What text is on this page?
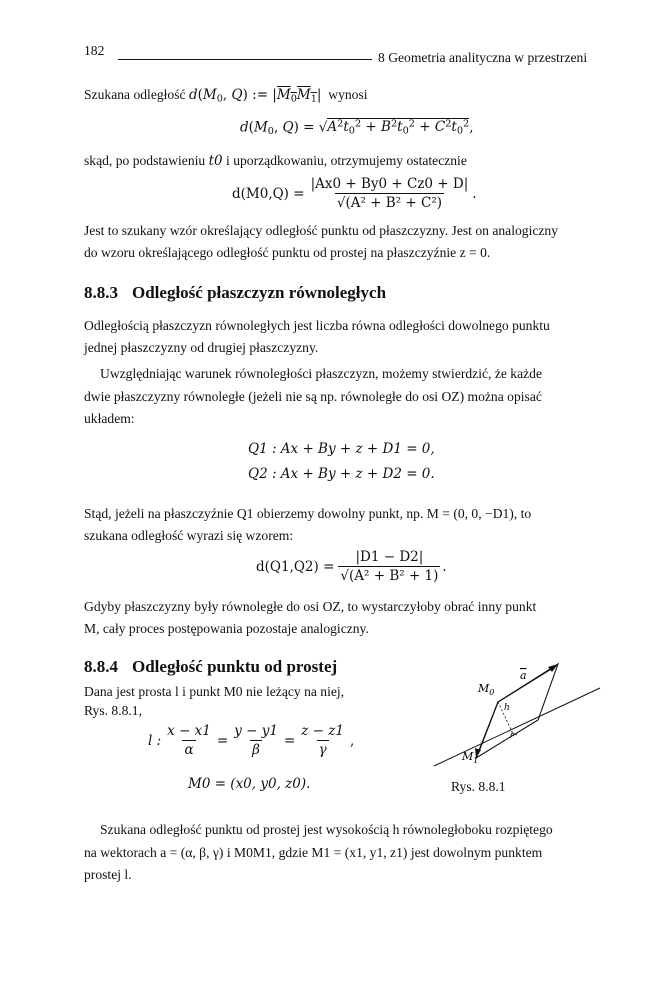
182	8 Geometria analityczna w przestrzeni
Szukana odległość $d(M_0$, Q) := $|M_0M_1|$ wynosi
$d(M_0$, $Q) = √A^2t_0^2 + B^2t_0^2 + C^2t_0^2$,
skąd, po podstawieniu t0 i uporządkowaniu, otrzymujemy ostatecznie
$d(M0,Q) = \frac{|Ax0 + By0 + Cz0 + D|}{\text{√(A² + B² + C²)}}$ .
Jest to szukany wzór określający odległość punktu od płaszczyzny. Jest on analogiczny
do wzoru określającego odległość punktu od prostej na płaszczyźnie z = 0.
8.8.3 Odległość płaszczyzn równoległych
Odległością płaszczyzn równoległych jest liczba równa odległości dowolnego punktu
jednej płaszczyzny od drugiej płaszczyzny.
Uwzględniając warunek równoległości płaszczyzn, możemy stwierdzić, że każde
dwie płaszczyzny równoległe (jeżeli nie są np. równoległe do osi OZ) można opisać
układem:
Q1 : Ax + By + z + D1 = 0,
Q2 : Ax + By + z + D2 = 0.
Stąd, jeżeli na płaszczyźnie Q1 obierzemy dowolny punkt, np. M = (0, 0, −D1), to
szukana odległość wyrazi się wzorem:
$d(Q1,Q2) = \frac{|D1 - D2|}{\text{√(A² + B² + 1)}}$ .
Gdyby płaszczyzny były równoległe do osi OZ, to wystarczyłoby obrać inny punkt
M, cały proces postępowania pozostaje analogiczny.
8.8.4 Odległość punktu od prostej
Dana jest prosta l i punkt M0 nie leżący na niej,
Rys. 8.8.1,
l : $\frac{x - x1}{\alpha} = \frac{y - y1}{\beta} = \frac{z - z1}{\gamma}$ ,
M0 = (x0, y0, z0).
$M_0$
$M_1$
a
h
Rys. 8.8.1
Szukana odległość punktu od prostej jest wysokością h równoległoboku rozpiętego
na wektorach a = (α, β, γ) i M0M1, gdzie M1 = (x1, y1, z1) jest dowolnym punktem
prostej l.
